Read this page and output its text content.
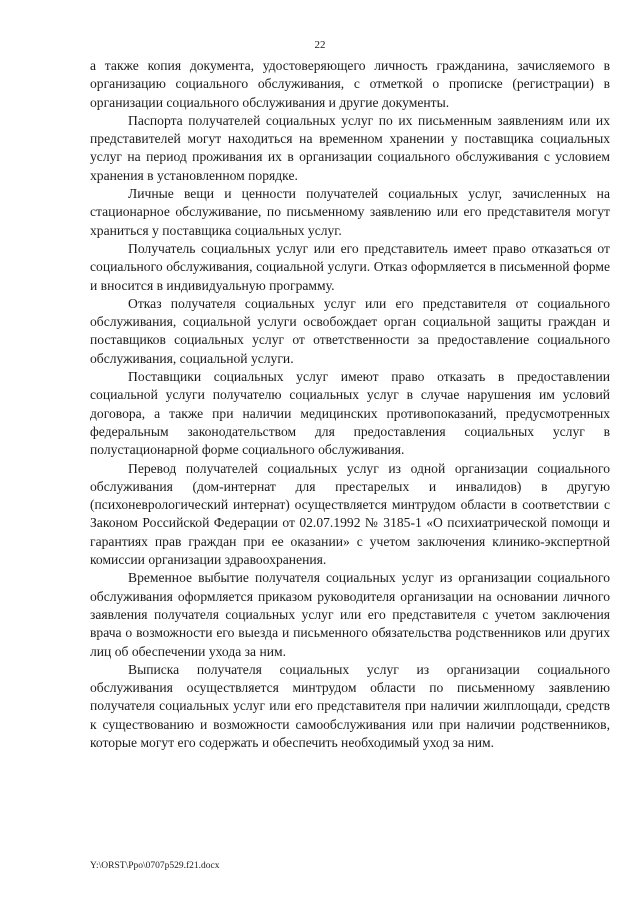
22

а также копия документа, удостоверяющего личность гражданина, зачисляемого в организацию социального обслуживания, с отметкой о прописке (регистрации) в организации социального обслуживания и другие документы.

Паспорта получателей социальных услуг по их письменным заявлениям или их представителей могут находиться на временном хранении у поставщика социальных услуг на период проживания их в организации социального обслуживания с условием хранения в установленном порядке.

Личные вещи и ценности получателей социальных услуг, зачисленных на стационарное обслуживание, по письменному заявлению или его представителя могут храниться у поставщика социальных услуг.

Получатель социальных услуг или его представитель имеет право отказаться от социального обслуживания, социальной услуги. Отказ оформляется в письменной форме и вносится в индивидуальную программу.

Отказ получателя социальных услуг или его представителя от социального обслуживания, социальной услуги освобождает орган социальной защиты граждан и поставщиков социальных услуг от ответственности за предоставление социального обслуживания, социальной услуги.

Поставщики социальных услуг имеют право отказать в предоставлении социальной услуги получателю социальных услуг в случае нарушения им условий договора, а также при наличии медицинских противопоказаний, предусмотренных федеральным законодательством для предоставления социальных услуг в полустационарной форме социального обслуживания.

Перевод получателей социальных услуг из одной организации социального обслуживания (дом-интернат для престарелых и инвалидов) в другую (психоневрологический интернат) осуществляется минтрудом области в соответствии с Законом Российской Федерации от 02.07.1992 № 3185-1 «О психиатрической помощи и гарантиях прав граждан при ее оказании» с учетом заключения клинико-экспертной комиссии организации здравоохранения.

Временное выбытие получателя социальных услуг из организации социального обслуживания оформляется приказом руководителя организации на основании личного заявления получателя социальных услуг или его представителя с учетом заключения врача о возможности его выезда и письменного обязательства родственников или других лиц об обеспечении ухода за ним.

Выписка получателя социальных услуг из организации социального обслуживания осуществляется минтрудом области по письменному заявлению получателя социальных услуг или его представителя при наличии жилплощади, средств к существованию и возможности самообслуживания или при наличии родственников, которые могут его содержать и обеспечить необходимый уход за ним.

Y:\ORST\Ppo\0707p529.f21.docx
